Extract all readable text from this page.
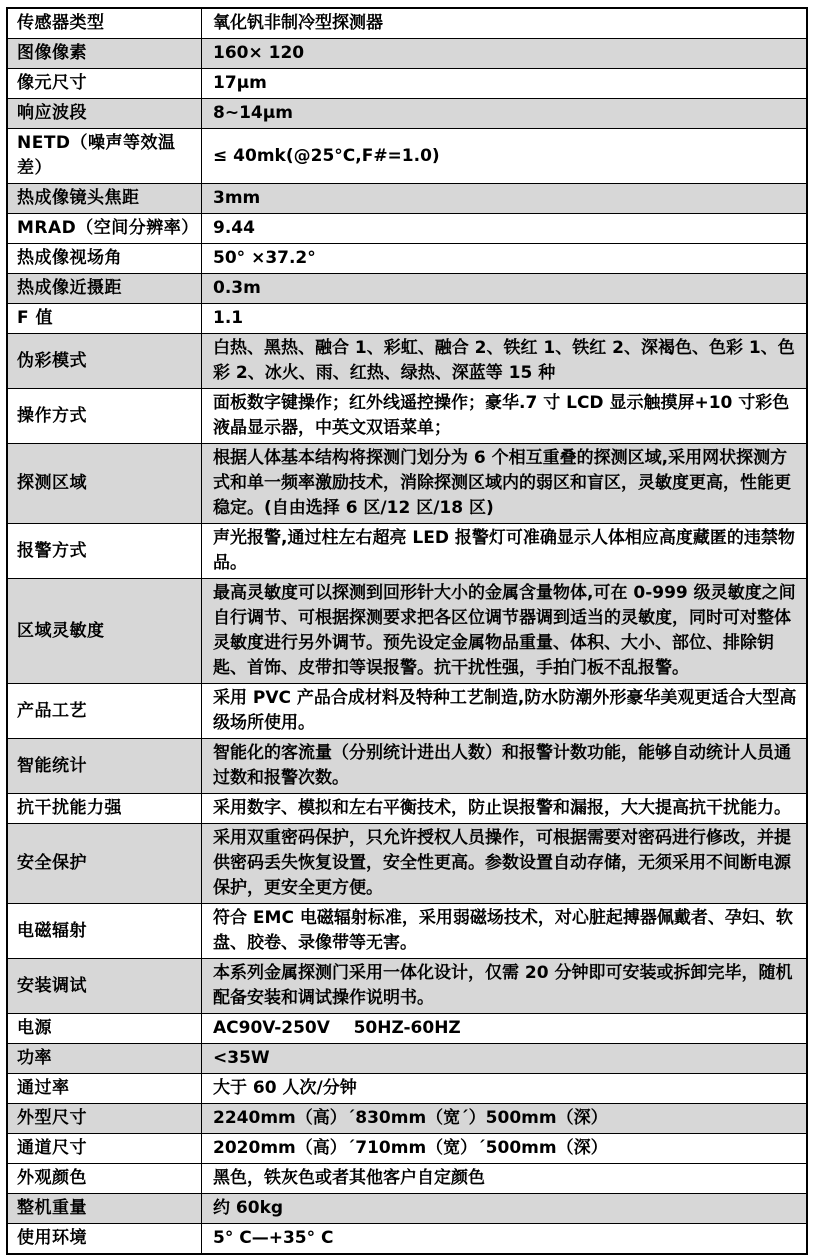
传感器类型	氧化钒非制冷型探测器
图像像素	160× 120
像元尺寸	17μm
响应波段	8~14μm
NETD（噪声等效温差）	≤ 40mk(@25°C,F#=1.0)
热成像镜头焦距	3mm
MRAD（空间分辨率）	9.44
热成像视场角	50° ×37.2°
热成像近摄距	0.3m
F 值	1.1
伪彩模式	白热、黑热、融合 1、彩虹、融合 2、铁红 1、铁红 2、深褐色、色彩 1、色彩 2、冰火、雨、红热、绿热、深蓝等 15 种
操作方式	面板数字键操作；红外线遥控操作；豪华.7 寸 LCD 显示触摸屏+10 寸彩色液晶显示器，中英文双语菜单；
探测区域	根据人体基本结构将探测门划分为 6 个相互重叠的探测区域,采用网状探测方式和单一频率激励技术，消除探测区域内的弱区和盲区，灵敏度更高，性能更稳定。(自由选择 6 区/12 区/18 区)
报警方式	声光报警,通过柱左右超亮 LED 报警灯可准确显示人体相应高度藏匿的违禁物品。
区域灵敏度	最高灵敏度可以探测到回形针大小的金属含量物体,可在 0-999 级灵敏度之间自行调节、可根据探测要求把各区位调节器调到适当的灵敏度，同时可对整体灵敏度进行另外调节。预先设定金属物品重量、体积、大小、部位、排除钥匙、首饰、皮带扣等误报警。抗干扰性强，手拍门板不乱报警。
产品工艺	采用 PVC 产品合成材料及特种工艺制造,防水防潮外形豪华美观更适合大型高级场所使用。
智能统计	智能化的客流量（分别统计进出人数）和报警计数功能，能够自动统计人员通过数和报警次数。
抗干扰能力强	采用数字、模拟和左右平衡技术，防止误报警和漏报，大大提高抗干扰能力。
安全保护	采用双重密码保护，只允许授权人员操作，可根据需要对密码进行修改，并提供密码丢失恢复设置，安全性更高。参数设置自动存储，无须采用不间断电源保护，更安全更方便。
电磁辐射	符合 EMC 电磁辐射标准，采用弱磁场技术，对心脏起搏器佩戴者、孕妇、软盘、胶卷、录像带等无害。
安装调试	本系列金属探测门采用一体化设计，仅需 20 分钟即可安装或拆卸完毕，随机配备安装和调试操作说明书。
电源	AC90V-250V    50HZ-60HZ
功率	<35W
通过率	大于 60 人次/分钟
外型尺寸	2240mm（高）´830mm（宽´）500mm（深）
通道尺寸	2020mm（高）´710mm（宽）´500mm（深）
外观颜色	黑色，铁灰色或者其他客户自定颜色
整机重量	约 60kg
使用环境	5° C—+35° C
